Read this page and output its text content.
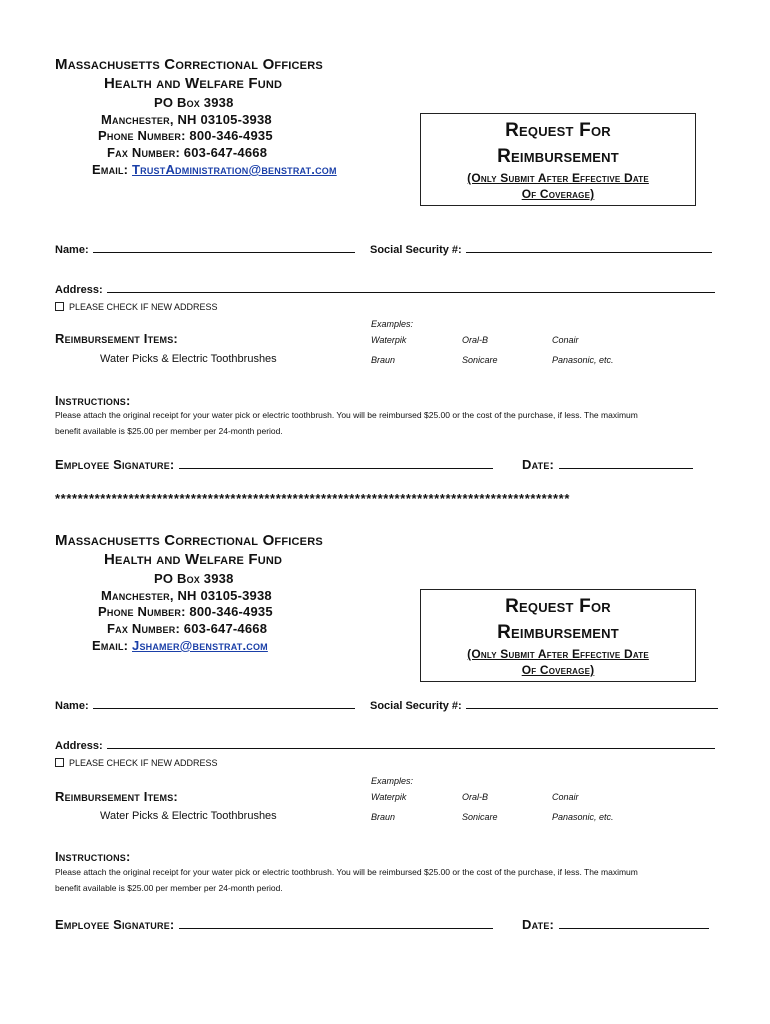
Massachusetts Correctional Officers
Health and Welfare Fund
PO Box 3938
Manchester, NH 03105-3938
Phone Number: 800-346-4935
Fax Number: 603-647-4668
Email: TrustAdministration@benstrat.com
Request For
Reimbursement
(Only Submit After Effective Date
Of Coverage)
Name:	Social Security #:
Address:
PLEASE CHECK IF NEW ADDRESS
Examples:
Reimbursement Items:	Waterpik	Oral-B	Conair
Water Picks & Electric Toothbrushes	Braun	Sonicare	Panasonic, etc.
Instructions:
Please attach the original receipt for your water pick or electric toothbrush. You will be reimbursed $25.00 or the cost of the purchase, if less. The maximum
benefit available is $25.00 per member per 24-month period.
Employee Signature:	Date:
*******************************************************************************************
Massachusetts Correctional Officers
Health and Welfare Fund
PO Box 3938
Manchester, NH 03105-3938
Phone Number: 800-346-4935
Fax Number: 603-647-4668
Email: Jshamer@benstrat.com
Request For
Reimbursement
(Only Submit After Effective Date
Of Coverage)
Name:	Social Security #:
Address:
PLEASE CHECK IF NEW ADDRESS
Examples:
Reimbursement Items:	Waterpik	Oral-B	Conair
Water Picks & Electric Toothbrushes	Braun	Sonicare	Panasonic, etc.
Instructions:
Please attach the original receipt for your water pick or electric toothbrush. You will be reimbursed $25.00 or the cost of the purchase, if less. The maximum
benefit available is $25.00 per member per 24-month period.
Employee Signature:	Date:
